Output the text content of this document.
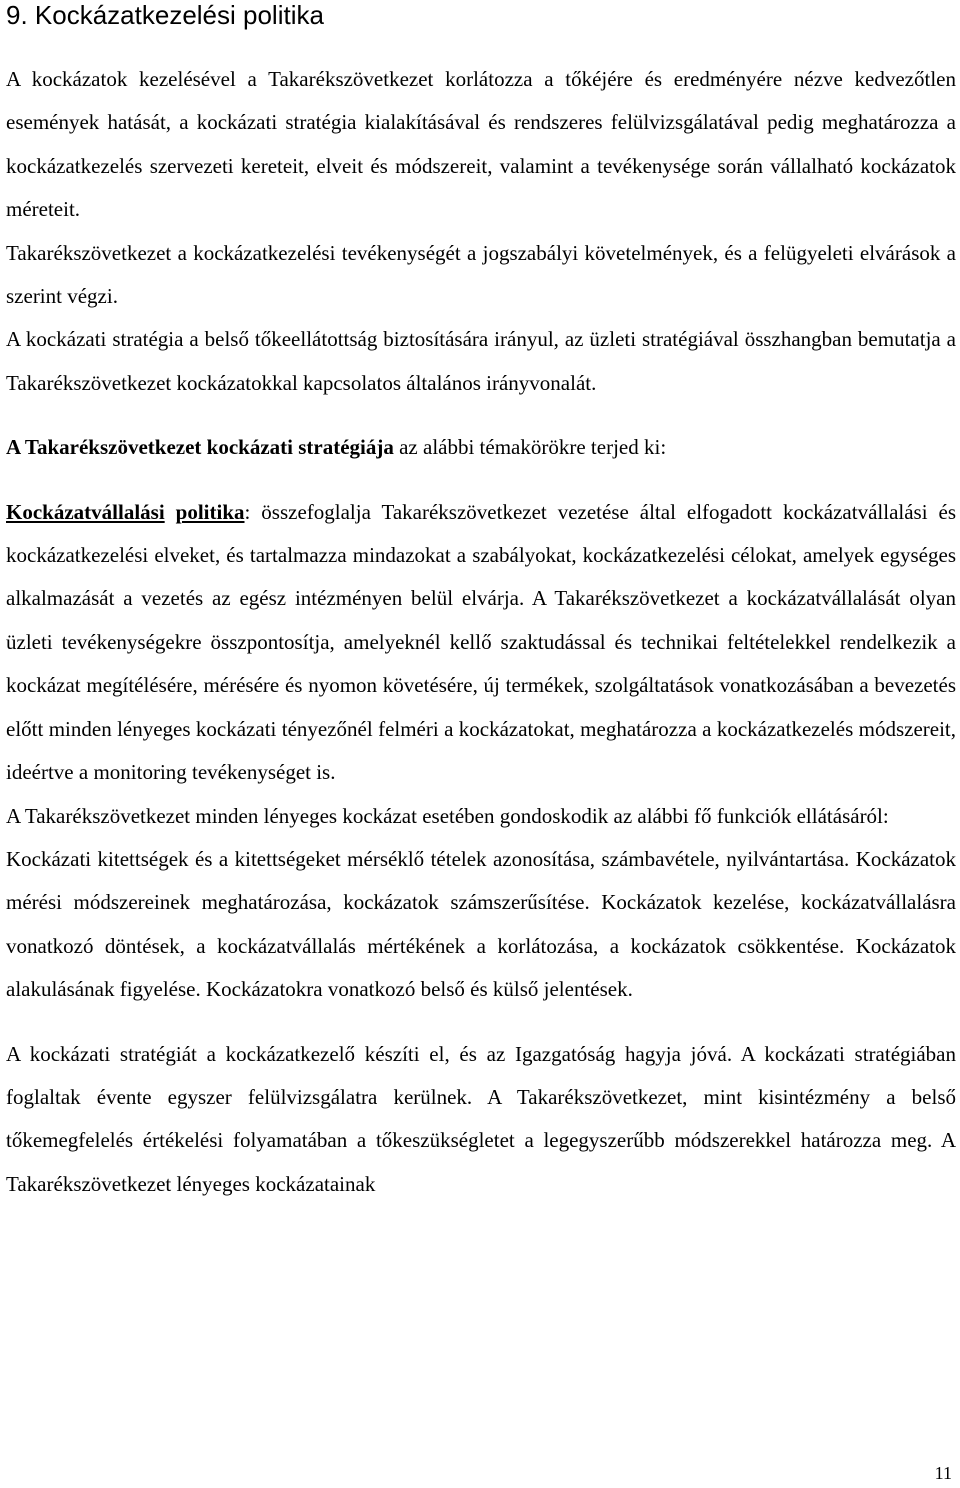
9. Kockázatkezelési politika

A kockázatok kezelésével a Takarékszövetkezet korlátozza a tőkéjére és eredményére nézve kedvezőtlen események hatását, a kockázati stratégia kialakításával és rendszeres felülvizsgálatával pedig meghatározza a kockázatkezelés szervezeti kereteit, elveit és módszereit, valamint a tevékenysége során vállalható kockázatok méreteit.

Takarékszövetkezet a kockázatkezelési tevékenységét a jogszabályi követelmények, és a felügyeleti elvárások a szerint végzi.

A kockázati stratégia a belső tőkeellátottság biztosítására irányul, az üzleti stratégiával összhangban bemutatja a Takarékszövetkezet kockázatokkal kapcsolatos általános irányvonalát.

A Takarékszövetkezet kockázati stratégiája az alábbi témakörökre terjed ki:

Kockázatvállalási politika: összefoglalja Takarékszövetkezet vezetése által elfogadott kockázatvállalási és kockázatkezelési elveket, és tartalmazza mindazokat a szabályokat, kockázatkezelési célokat, amelyek egységes alkalmazását a vezetés az egész intézményen belül elvárja. A Takarékszövetkezet a kockázatvállalását olyan üzleti tevékenységekre összpontosítja, amelyeknél kellő szaktudással és technikai feltételekkel rendelkezik a kockázat megítélésére, mérésére és nyomon követésére, új termékek, szolgáltatások vonatkozásában a bevezetés előtt minden lényeges kockázati tényezőnél felméri a kockázatokat, meghatározza a kockázatkezelés módszereit, ideértve a monitoring tevékenységet is.

A Takarékszövetkezet minden lényeges kockázat esetében gondoskodik az alábbi fő funkciók ellátásáról:

Kockázati kitettségek és a kitettségeket mérséklő tételek azonosítása, számbavétele, nyilvántartása. Kockázatok mérési módszereinek meghatározása, kockázatok számszerűsítése. Kockázatok kezelése, kockázatvállalásra vonatkozó döntések, a kockázatvállalás mértékének a korlátozása, a kockázatok csökkentése. Kockázatok alakulásának figyelése. Kockázatokra vonatkozó belső és külső jelentések.

A kockázati stratégiát a kockázatkezelő készíti el, és az Igazgatóság hagyja jóvá. A kockázati stratégiában foglaltak évente egyszer felülvizsgálatra kerülnek. A Takarékszövetkezet, mint kisintézmény a belső tőkemegfelelés értékelési folyamatában a tőkeszükségletet a legegyszerűbb módszerekkel határozza meg. A Takarékszövetkezet lényeges kockázatainak

11
